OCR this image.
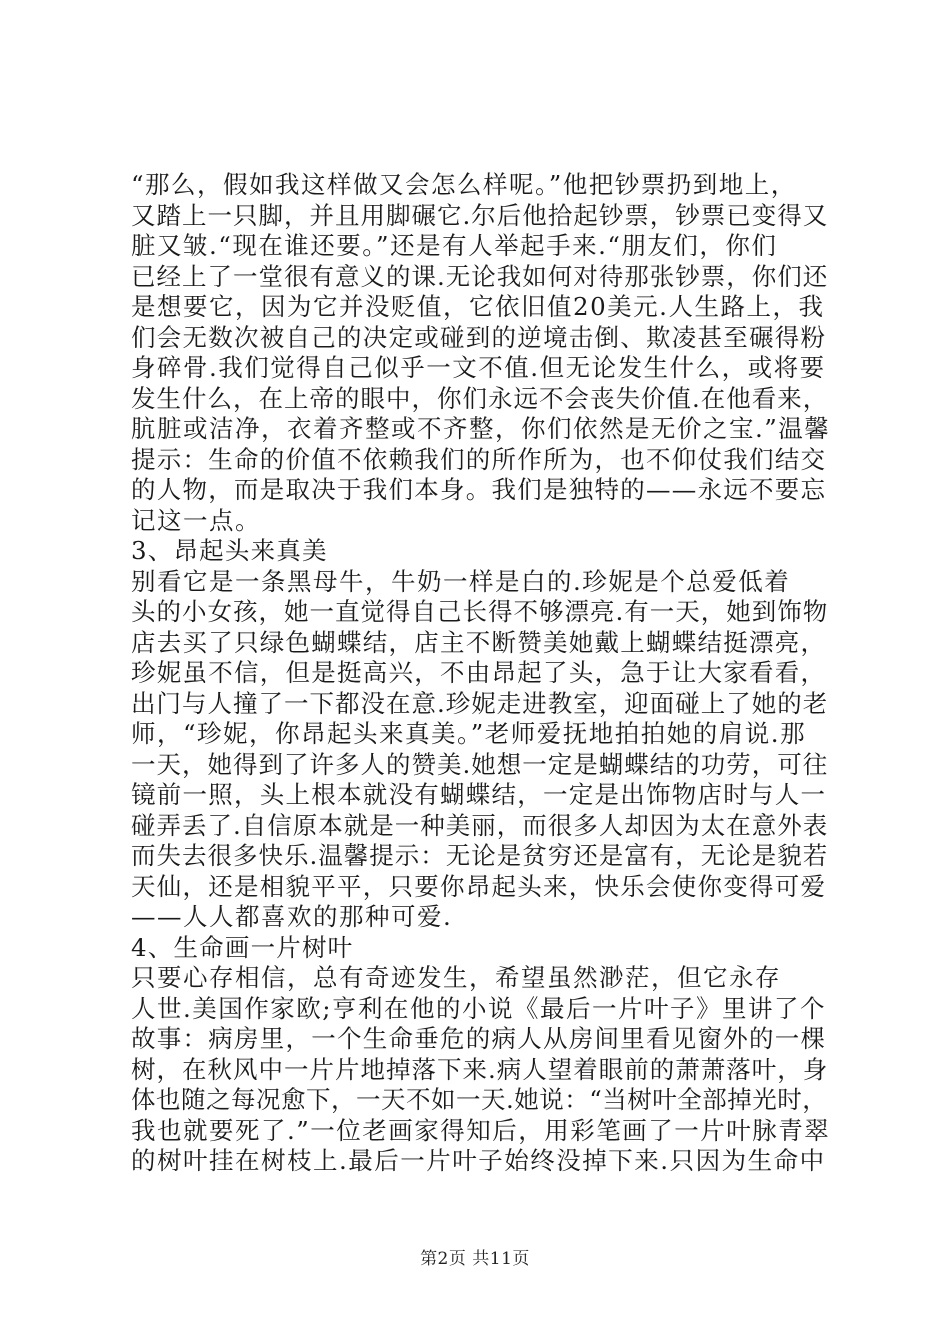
“那么，假如我这样做又会怎么样呢。”他把钞票扔到地上，
又踏上一只脚，并且用脚碾它.尔后他拾起钞票，钞票已变得又
脏又皱.“现在谁还要。”还是有人举起手来.“朋友们，你们
已经上了一堂很有意义的课.无论我如何对待那张钞票，你们还
是想要它，因为它并没贬值，它依旧值20美元.人生路上，我
们会无数次被自己的决定或碰到的逆境击倒、欺凌甚至碾得粉
身碎骨.我们觉得自己似乎一文不值.但无论发生什么，或将要
发生什么，在上帝的眼中，你们永远不会丧失价值.在他看来，
肮脏或洁净，衣着齐整或不齐整，你们依然是无价之宝.”温馨
提示：生命的价值不依赖我们的所作所为，也不仰仗我们结交
的人物，而是取决于我们本身。我们是独特的——永远不要忘
记这一点。
3、昂起头来真美
别看它是一条黑母牛，牛奶一样是白的.珍妮是个总爱低着
头的小女孩，她一直觉得自己长得不够漂亮.有一天，她到饰物
店去买了只绿色蝴蝶结，店主不断赞美她戴上蝴蝶结挺漂亮，
珍妮虽不信，但是挺高兴，不由昂起了头，急于让大家看看，
出门与人撞了一下都没在意.珍妮走进教室，迎面碰上了她的老
师，“珍妮，你昂起头来真美。”老师爱抚地拍拍她的肩说.那
一天，她得到了许多人的赞美.她想一定是蝴蝶结的功劳，可往
镜前一照，头上根本就没有蝴蝶结，一定是出饰物店时与人一
碰弄丢了.自信原本就是一种美丽，而很多人却因为太在意外表
而失去很多快乐.温馨提示：无论是贫穷还是富有，无论是貌若
天仙，还是相貌平平，只要你昂起头来，快乐会使你变得可爱
——人人都喜欢的那种可爱.
4、生命画一片树叶
只要心存相信，总有奇迹发生，希望虽然渺茫，但它永存
人世.美国作家欧;亨利在他的小说《最后一片叶子》里讲了个
故事：病房里，一个生命垂危的病人从房间里看见窗外的一棵
树，在秋风中一片片地掉落下来.病人望着眼前的萧萧落叶，身
体也随之每况愈下，一天不如一天.她说：“当树叶全部掉光时，
我也就要死了.”一位老画家得知后，用彩笔画了一片叶脉青翠
的树叶挂在树枝上.最后一片叶子始终没掉下来.只因为生命中
第2页 共11页
